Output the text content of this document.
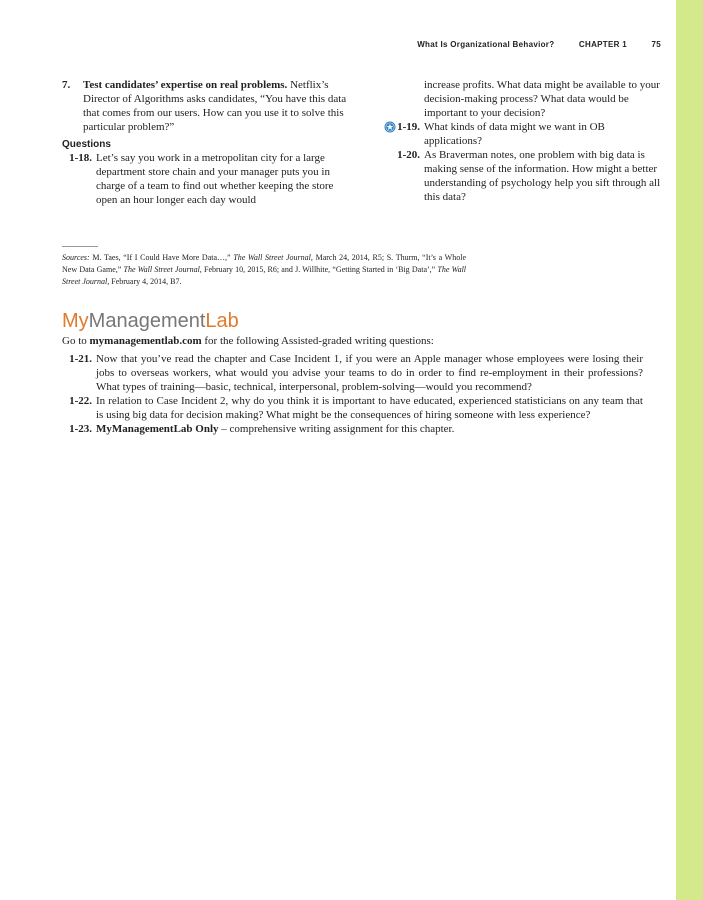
What Is Organizational Behavior?	CHAPTER 1	75
7.	Test candidates’ expertise on real problems. Netflix’s Director of Algorithms asks candidates, “You have this data that comes from our users. How can you use it to solve this particular problem?”
Questions
1-18. Let’s say you work in a metropolitan city for a large department store chain and your manager puts you in charge of a team to find out whether keeping the store open an hour longer each day would
increase profits. What data might be available to your decision-making process? What data would be important to your decision?
1-19. What kinds of data might we want in OB applications?
1-20. As Braverman notes, one problem with big data is making sense of the information. How might a better understanding of psychology help you sift through all this data?
Sources: M. Taes, “If I Could Have More Data…,” The Wall Street Journal, March 24, 2014, R5; S. Thurm, “It’s a Whole New Data Game,” The Wall Street Journal, February 10, 2015, R6; and J. Willhite, “Getting Started in ‘Big Data’,” The Wall Street Journal, February 4, 2014, B7.
MyManagementLab
Go to mymanagementlab.com for the following Assisted-graded writing questions:
1-21. Now that you’ve read the chapter and Case Incident 1, if you were an Apple manager whose employees were losing their jobs to overseas workers, what would you advise your teams to do in order to find re-employment in their professions? What types of training—basic, technical, interpersonal, problem-solving—would you recommend?
1-22. In relation to Case Incident 2, why do you think it is important to have educated, experienced statisticians on any team that is using big data for decision making? What might be the consequences of hiring someone with less experience?
1-23. MyManagementLab Only – comprehensive writing assignment for this chapter.
